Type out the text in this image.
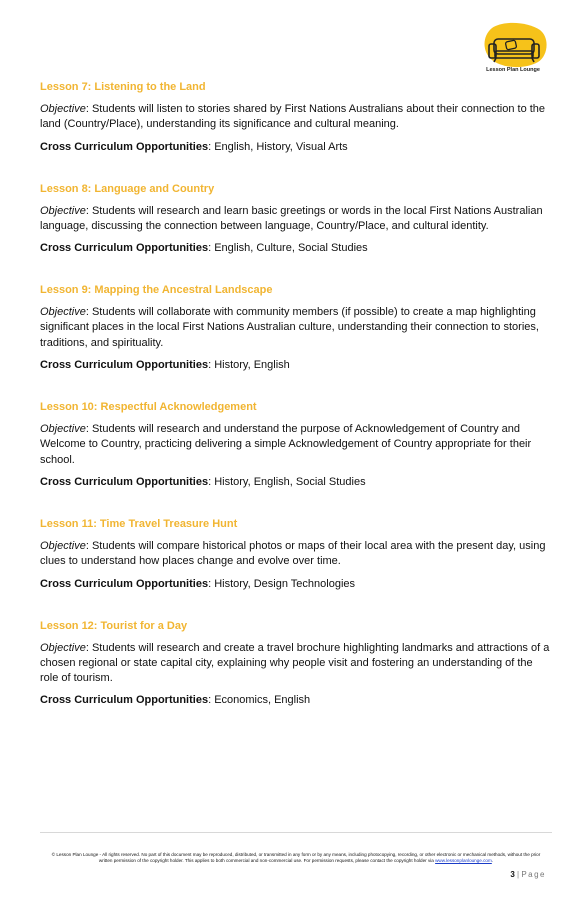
Lesson Plan Lounge
Lesson 7: Listening to the Land

Objective: Students will listen to stories shared by First Nations Australians about their connection to the land (Country/Place), understanding its significance and cultural meaning.

Cross Curriculum Opportunities: English, History, Visual Arts

Lesson 8: Language and Country

Objective: Students will research and learn basic greetings or words in the local First Nations Australian language, discussing the connection between language, Country/Place, and cultural identity.

Cross Curriculum Opportunities: English, Culture, Social Studies

Lesson 9: Mapping the Ancestral Landscape

Objective: Students will collaborate with community members (if possible) to create a map highlighting significant places in the local First Nations Australian culture, understanding their connection to stories, traditions, and spirituality.

Cross Curriculum Opportunities: History, English

Lesson 10: Respectful Acknowledgement

Objective: Students will research and understand the purpose of Acknowledgement of Country and Welcome to Country, practicing delivering a simple Acknowledgement of Country appropriate for their school.

Cross Curriculum Opportunities: History, English, Social Studies

Lesson 11: Time Travel Treasure Hunt

Objective: Students will compare historical photos or maps of their local area with the present day, using clues to understand how places change and evolve over time.

Cross Curriculum Opportunities: History, Design Technologies

Lesson 12: Tourist for a Day

Objective: Students will research and create a travel brochure highlighting landmarks and attractions of a chosen regional or state capital city, explaining why people visit and fostering an understanding of the role of tourism.

Cross Curriculum Opportunities: Economics, English

© Lesson Plan Lounge - All rights reserved. No part of this document may be reproduced, distributed, or transmitted in any form or by any means, including photocopying, recording, or other electronic or mechanical methods, without the prior written permission of the copyright holder. This applies to both commercial and non-commercial use. For permission requests, please contact the copyright holder via www.lessonplanlounge.com.
3 | Page
